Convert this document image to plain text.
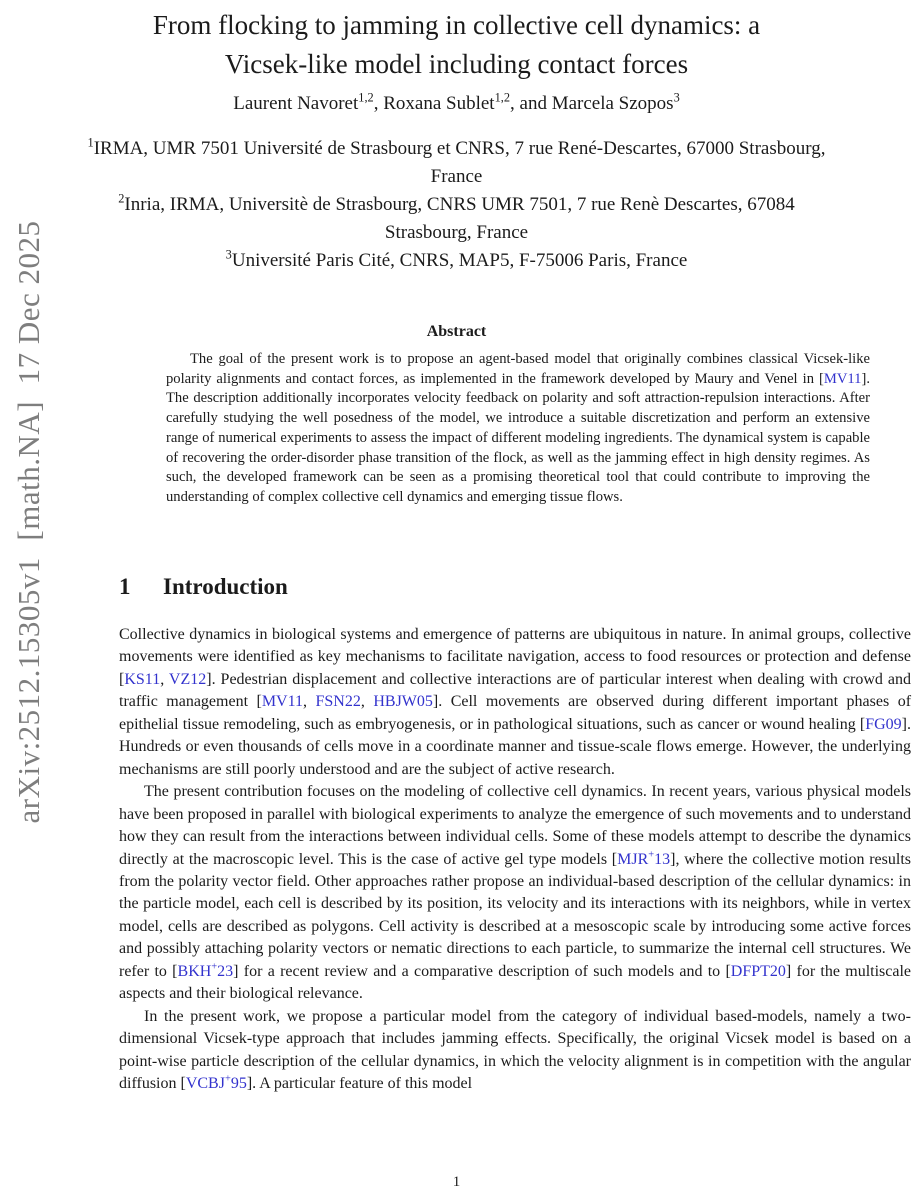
arXiv:2512.15305v1  [math.NA]  17 Dec 2025
From flocking to jamming in collective cell dynamics: a
Vicsek-like model including contact forces
Laurent Navoret$^{1,2}$, Roxana Sublet$^{1,2}$, and Marcela Szopos$^3$
$^1$IRMA, UMR 7501 Université de Strasbourg et CNRS, 7 rue René-Descartes, 67000 Strasbourg, France
$^2$Inria, IRMA, Universitè de Strasbourg, CNRS UMR 7501, 7 rue Renè Descartes, 67084 Strasbourg, France
$^3$Université Paris Cité, CNRS, MAP5, F-75006 Paris, France
Abstract
The goal of the present work is to propose an agent-based model that originally combines classical Vicsek-like polarity alignments and contact forces, as implemented in the framework developed by Maury and Venel in [MV11]. The description additionally incorporates velocity feedback on polarity and soft attraction-repulsion interactions. After carefully studying the well posedness of the model, we introduce a suitable discretization and perform an extensive range of numerical experiments to assess the impact of different modeling ingredients. The dynamical system is capable of recovering the order-disorder phase transition of the flock, as well as the jamming effect in high density regimes. As such, the developed framework can be seen as a promising theoretical tool that could contribute to improving the understanding of complex collective cell dynamics and emerging tissue flows.
1 Introduction

Collective dynamics in biological systems and emergence of patterns are ubiquitous in nature. In animal groups, collective movements were identified as key mechanisms to facilitate navigation, access to food resources or protection and defense [KS11, VZ12]. Pedestrian displacement and collective interactions are of particular interest when dealing with crowd and traffic management [MV11, FSN22, HBJW05]. Cell movements are observed during different important phases of epithelial tissue remodeling, such as embryogenesis, or in pathological situations, such as cancer or wound healing [FG09]. Hundreds or even thousands of cells move in a coordinate manner and tissue-scale flows emerge. However, the underlying mechanisms are still poorly understood and are the subject of active research.

The present contribution focuses on the modeling of collective cell dynamics. In recent years, various physical models have been proposed in parallel with biological experiments to analyze the emergence of such movements and to understand how they can result from the interactions between individual cells. Some of these models attempt to describe the dynamics directly at the macroscopic level. This is the case of active gel type models [MJR+13], where the collective motion results from the polarity vector field. Other approaches rather propose an individual-based description of the cellular dynamics: in the particle model, each cell is described by its position, its velocity and its interactions with its neighbors, while in vertex model, cells are described as polygons. Cell activity is described at a mesoscopic scale by introducing some active forces and possibly attaching polarity vectors or nematic directions to each particle, to summarize the internal cell structures. We refer to [BKH+23] for a recent review and a comparative description of such models and to [DFPT20] for the multiscale aspects and their biological relevance.

In the present work, we propose a particular model from the category of individual based-models, namely a two-dimensional Vicsek-type approach that includes jamming effects. Specifically, the original Vicsek model is based on a point-wise particle description of the cellular dynamics, in which the velocity alignment is in competition with the angular diffusion [VCBJ+95]. A particular feature of this model

1
